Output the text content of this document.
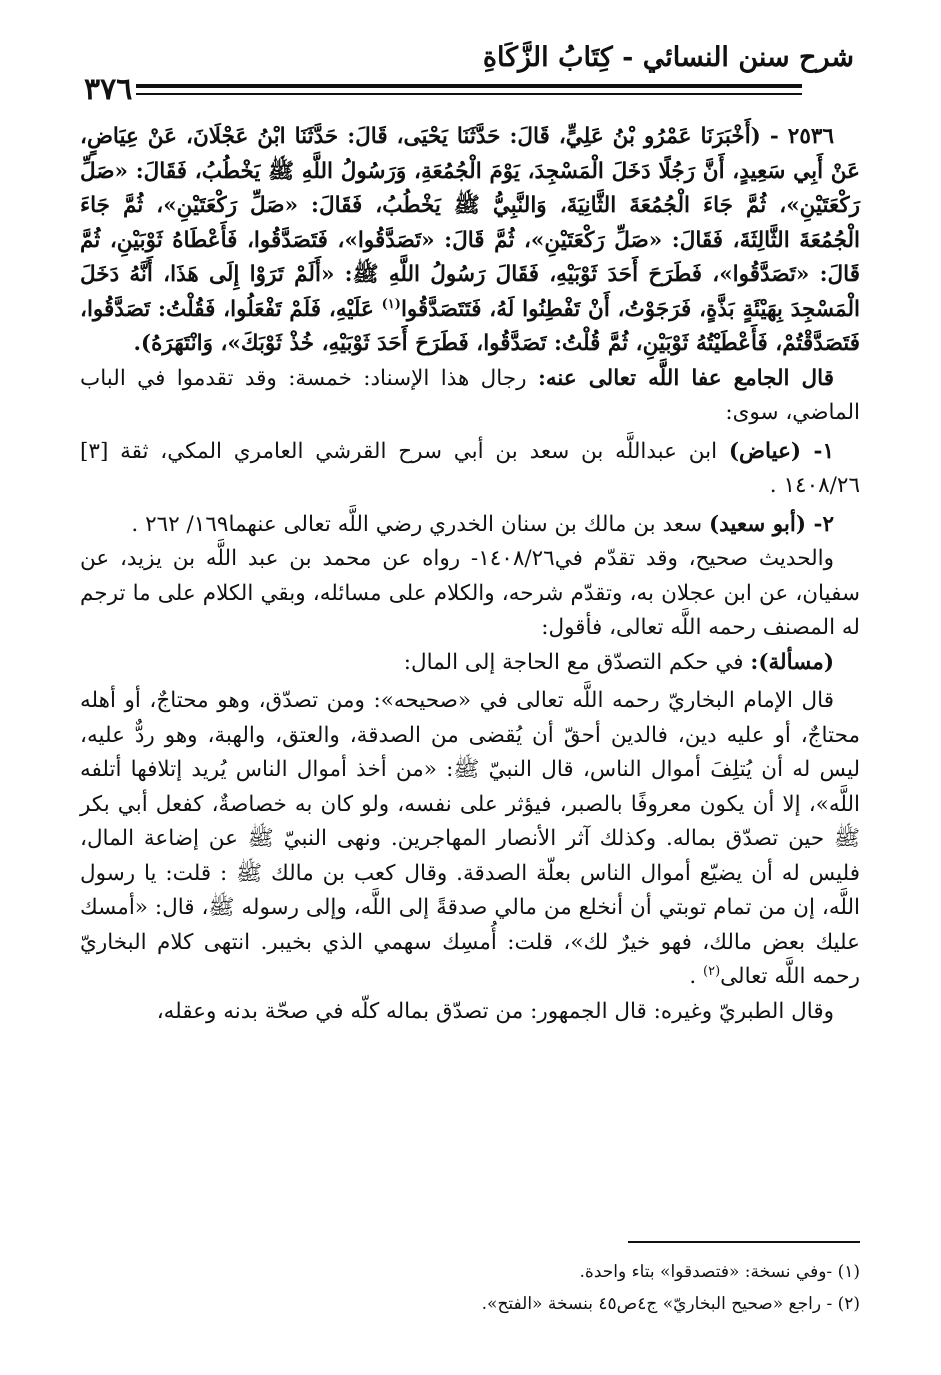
شرح سنن النسائي - كِتَابُ الزَّكَاةِ
٣٧٦

٢٥٣٦ - (أَخْبَرَنَا عَمْرُو بْنُ عَلِيٍّ، قَالَ: حَدَّثَنَا يَحْيَى، قَالَ: حَدَّثَنَا ابْنُ عَجْلَانَ، عَنْ عِيَاضٍ، عَنْ أَبِي سَعِيدٍ، أَنَّ رَجُلًا دَخَلَ الْمَسْجِدَ، يَوْمَ الْجُمُعَةِ، وَرَسُولُ اللَّهِ ﷺ يَخْطُبُ، فَقَالَ: «صَلِّ رَكْعَتَيْنِ»، ثُمَّ جَاءَ الْجُمُعَةَ الثَّانِيَةَ، وَالنَّبِيُّ ﷺ يَخْطُبُ، فَقَالَ: «صَلِّ رَكْعَتَيْنِ»، ثُمَّ جَاءَ الْجُمُعَةَ الثَّالِثَةَ، فَقَالَ: «صَلِّ رَكْعَتَيْنِ»، ثُمَّ قَالَ: «تَصَدَّقُوا»، فَتَصَدَّقُوا، فَأَعْطَاهُ ثَوْبَيْنِ، ثُمَّ قَالَ: «تَصَدَّقُوا»، فَطَرَحَ أَحَدَ ثَوْبَيْهِ، فَقَالَ رَسُولُ اللَّهِ ﷺ: «أَلَمْ تَرَوْا إِلَى هَذَا، أَنَّهُ دَخَلَ الْمَسْجِدَ بِهَيْئَةٍ بَذَّةٍ، فَرَجَوْتُ، أَنْ تَفْطِنُوا لَهُ، فَتَتَصَدَّقُوا$^{(١)}$ عَلَيْهِ، فَلَمْ تَفْعَلُوا، فَقُلْتُ: تَصَدَّقُوا، فَتَصَدَّقْتُمْ، فَأَعْطَيْتُهُ ثَوْبَيْنِ، ثُمَّ قُلْتُ: تَصَدَّقُوا، فَطَرَحَ أَحَدَ ثَوْبَيْهِ، خُذْ ثَوْبَكَ»، وَانْتَهَرَهُ).

قال الجامع عفا اللَّه تعالى عنه: رجال هذا الإسناد: خمسة: وقد تقدموا في الباب الماضي، سوى:

١- (عياض) ابن عبداللَّه بن سعد بن أبي سرح القرشي العامري المكي، ثقة [٣] ١٤٠٨/٢٦ .

٢- (أبو سعيد) سعد بن مالك بن سنان الخدري رضي اللَّه تعالى عنهما١٦٩/ ٢٦٢ .

والحديث صحيح، وقد تقدّم في١٤٠٨/٢٦- رواه عن محمد بن عبد اللَّه بن يزيد، عن سفيان، عن ابن عجلان به، وتقدّم شرحه، والكلام على مسائله، وبقي الكلام على ما ترجم له المصنف رحمه اللَّه تعالى، فأقول:

(مسألة): في حكم التصدّق مع الحاجة إلى المال:

قال الإمام البخاريّ رحمه اللَّه تعالى في «صحيحه»: ومن تصدّق، وهو محتاجٌ، أو أهله محتاجٌ، أو عليه دين، فالدين أحقّ أن يُقضى من الصدقة، والعتق، والهبة، وهو ردٌّ عليه، ليس له أن يُتلِفَ أموال الناس، قال النبيّ ﷺ: «من أخذ أموال الناس يُريد إتلافها أتلفه اللَّه»، إلا أن يكون معروفًا بالصبر، فيؤثر على نفسه، ولو كان به خصاصةٌ، كفعل أبي بكر ﷺ حين تصدّق بماله. وكذلك آثر الأنصار المهاجرين. ونهى النبيّ ﷺ عن إضاعة المال، فليس له أن يضيّع أموال الناس بعلّة الصدقة. وقال كعب بن مالك ﷺ : قلت: يا رسول اللَّه، إن من تمام توبتي أن أنخلع من مالي صدقةً إلى اللَّه، وإلى رسوله ﷺ، قال: «أمسك عليك بعض مالك، فهو خيرٌ لك»، قلت: أُمسِك سهمي الذي بخيبر. انتهى كلام البخاريّ رحمه اللَّه تعالى$^{(٢)}$ .

وقال الطبريّ وغيره: قال الجمهور: من تصدّق بماله كلّه في صحّة بدنه وعقله،

(١) -وفي نسخة: «فتصدقوا» بتاء واحدة.

(٢) - راجع «صحيح البخاريّ» ج٤ص٤٥ بنسخة «الفتح».
